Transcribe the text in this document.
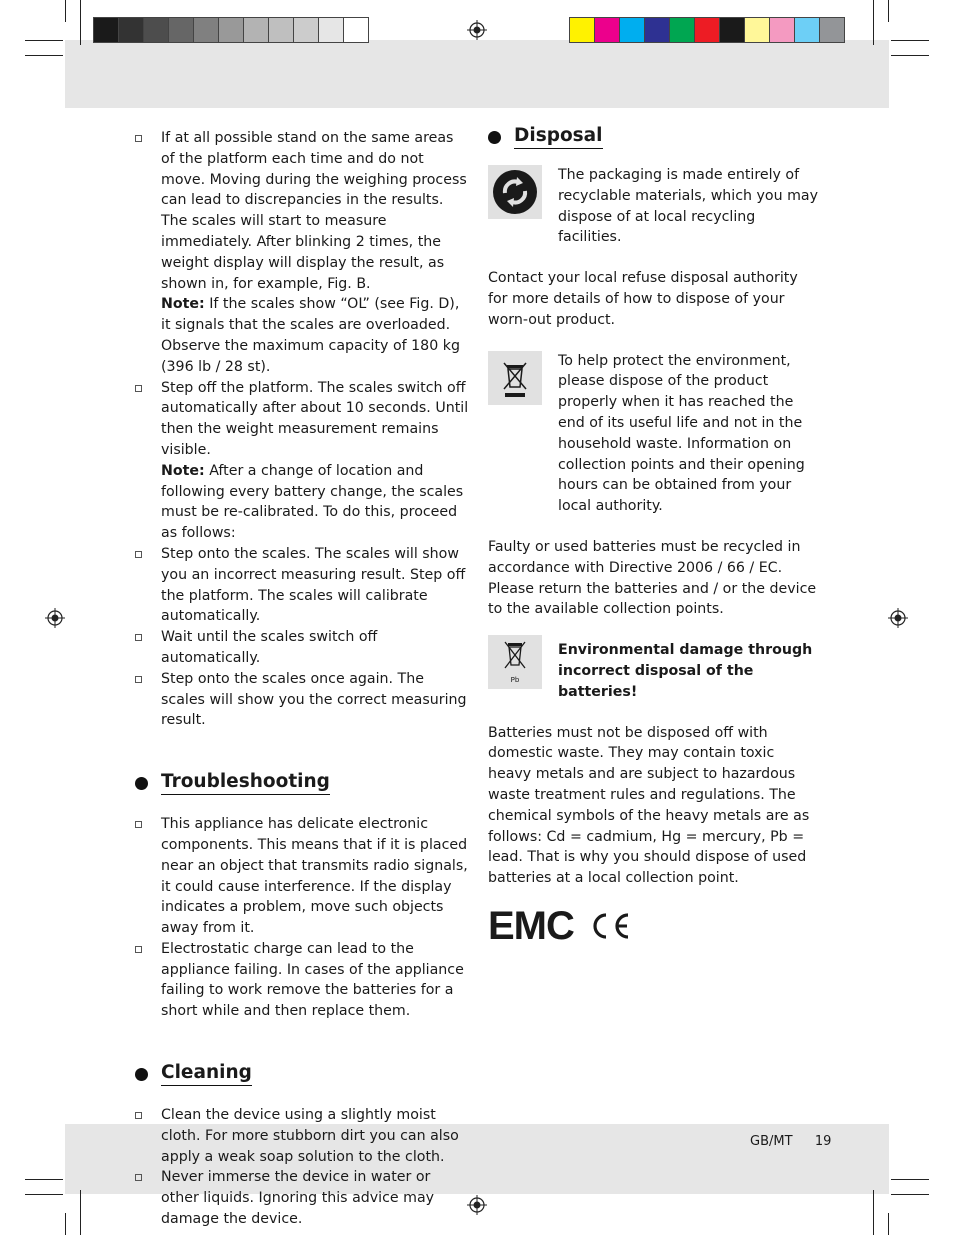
If at all possible stand on the same areas of the platform each time and do not move. Moving during the weighing process can lead to discrepancies in the results.
The scales will start to measure immediately. After blinking 2 times, the weight display will display the result, as shown in, for example, Fig. B.
Note: If the scales show “OL” (see Fig. D), it signals that the scales are overloaded. Observe the maximum capacity of 180 kg (396 lb / 28 st).
Step off the platform. The scales switch off automatically after about 10 seconds. Until then the weight measurement remains visible.
Note: After a change of location and following every battery change, the scales must be re-calibrated. To do this, proceed as follows:
Step onto the scales. The scales will show you an incorrect measuring result. Step off the platform. The scales will calibrate automatically.
Wait until the scales switch off automatically.
Step onto the scales once again. The scales will show you the correct measuring result.
Troubleshooting
This appliance has delicate electronic components. This means that if it is placed near an object that transmits radio signals, it could cause interference. If the display indicates a problem, move such objects away from it.
Electrostatic charge can lead to the appliance failing. In cases of the appliance failing to work remove the batteries for a short while and then replace them.
Cleaning
Clean the device using a slightly moist cloth. For more stubborn dirt you can also apply a weak soap solution to the cloth.
Never immerse the device in water or other liquids. Ignoring this advice may damage the device.
Disposal
The packaging is made entirely of recyclable materials, which you may dispose of at local recycling facilities.
Contact your local refuse disposal authority for more details of how to dispose of your worn-out product.
To help protect the environment, please dispose of the product properly when it has reached the end of its useful life and not in the household waste. Information on collection points and their opening hours can be obtained from your local authority.
Faulty or used batteries must be recycled in accordance with Directive 2006 / 66 / EC. Please return the batteries and / or the device to the available collection points.
Pb
Environmental damage through incorrect disposal of the batteries!
Batteries must not be disposed off with domestic waste. They may contain toxic heavy metals and are subject to hazardous waste treatment rules and regulations. The chemical symbols of the heavy metals are as follows: Cd = cadmium, Hg = mercury, Pb = lead. That is why you should dispose of used batteries at a local collection point.
EMC
GB/MT 19
